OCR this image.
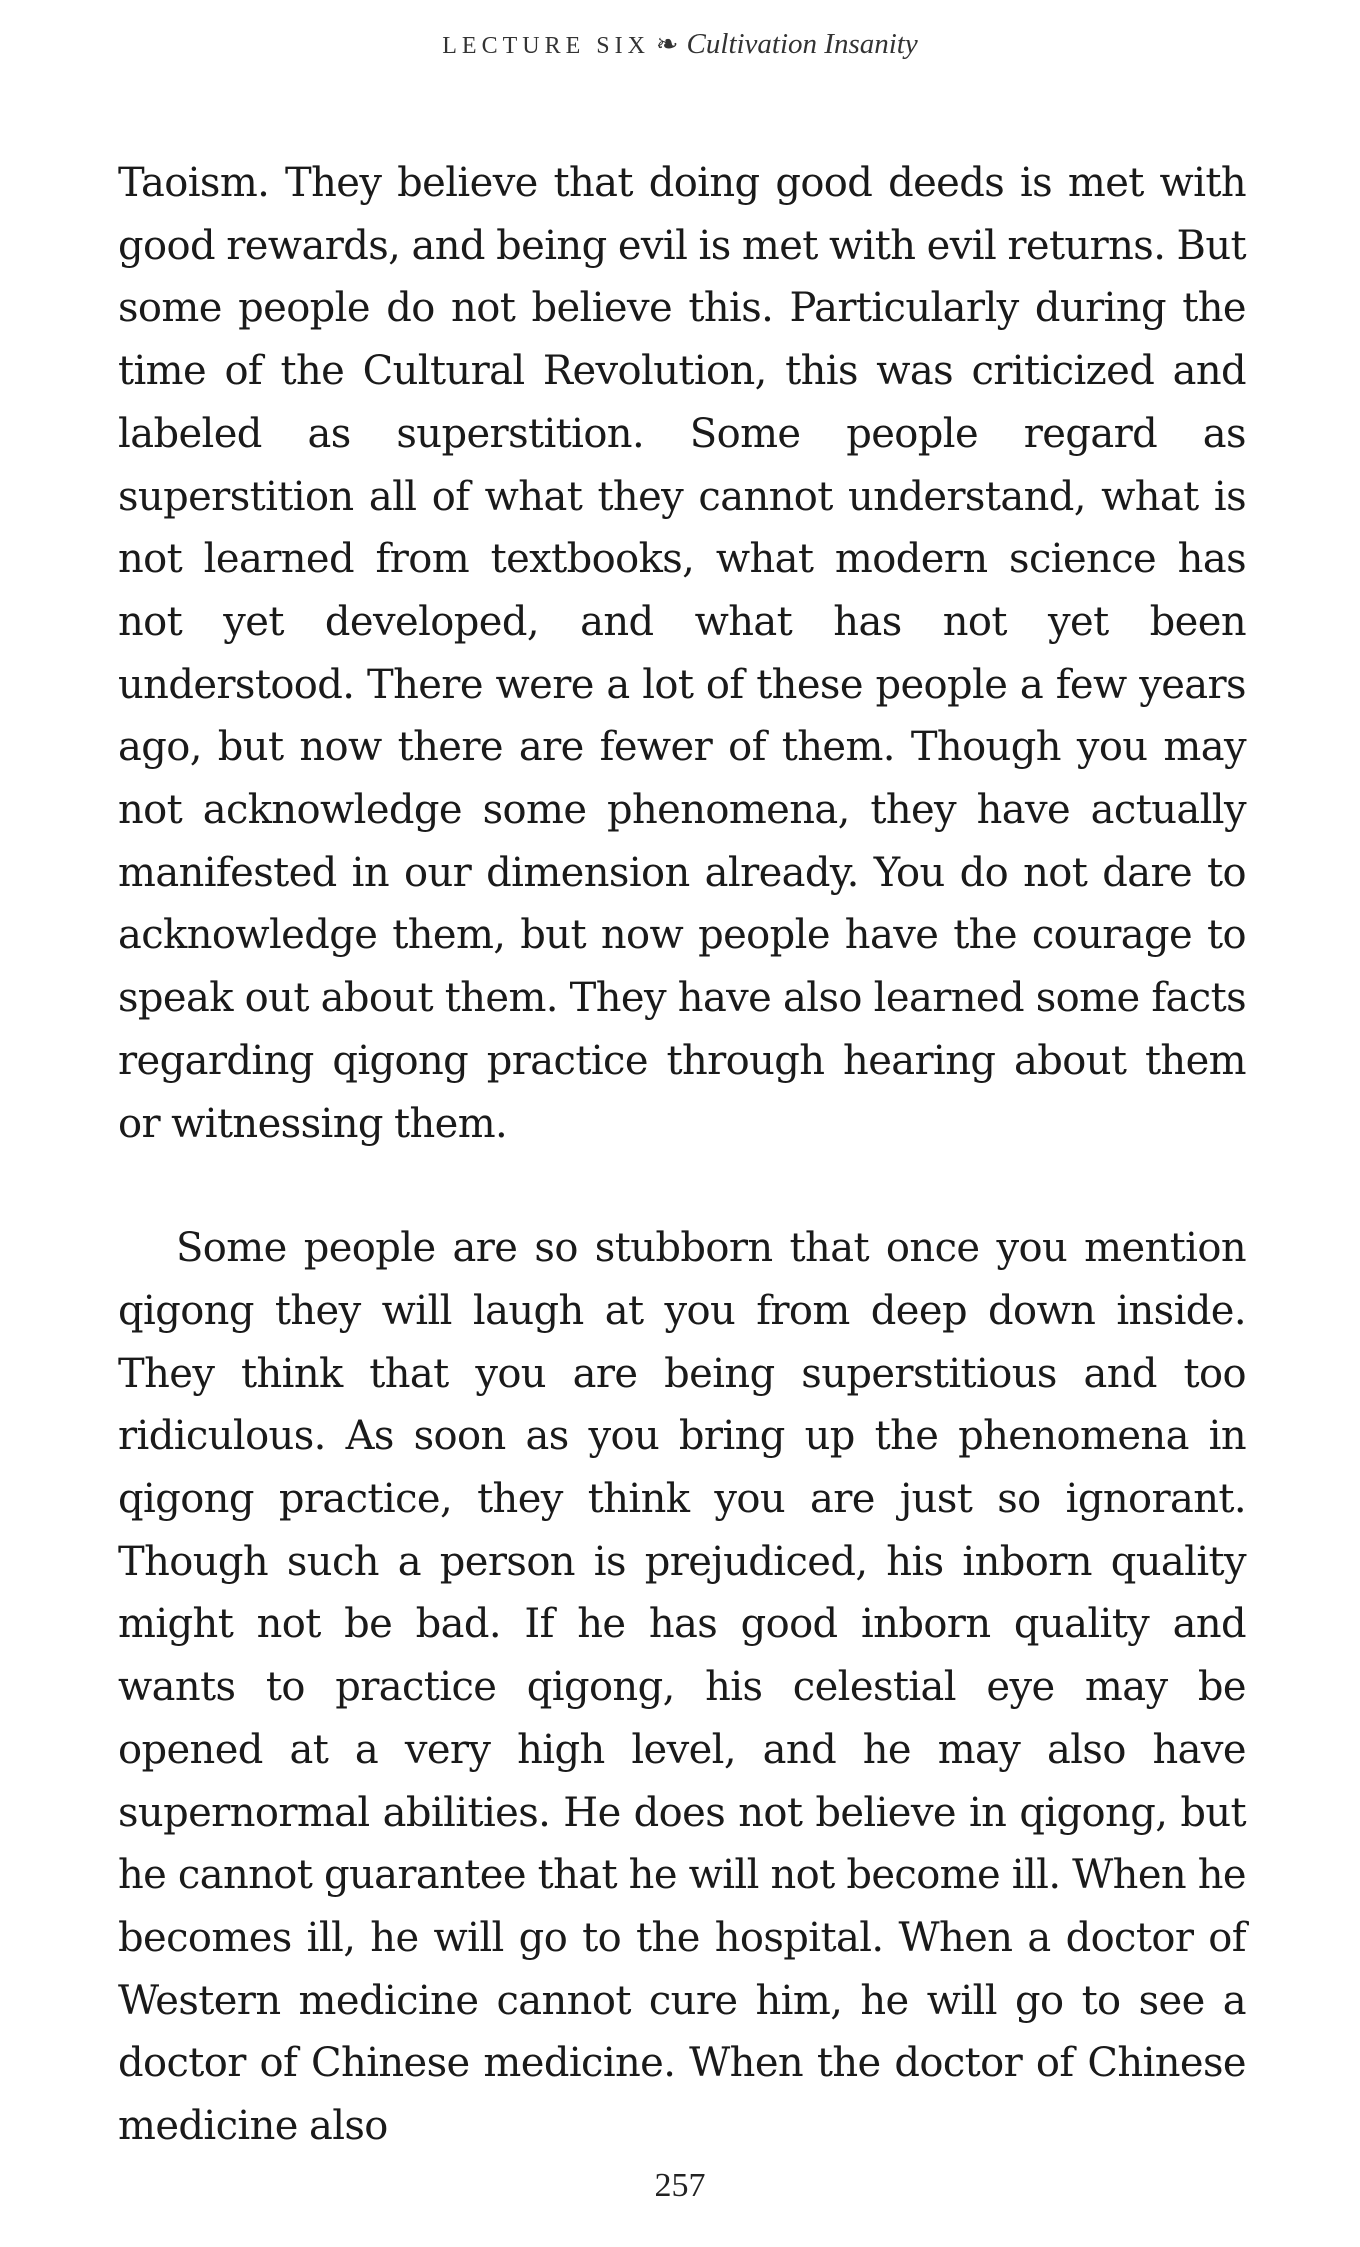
LECTURE SIX ❧ Cultivation Insanity

Taoism. They believe that doing good deeds is met with good rewards, and being evil is met with evil returns. But some people do not believe this. Particularly during the time of the Cultural Revolution, this was criticized and labeled as superstition. Some people regard as superstition all of what they cannot understand, what is not learned from textbooks, what modern science has not yet developed, and what has not yet been understood. There were a lot of these people a few years ago, but now there are fewer of them. Though you may not acknowledge some phenomena, they have actually manifested in our dimension already. You do not dare to acknowledge them, but now people have the courage to speak out about them. They have also learned some facts regarding qigong practice through hearing about them or witnessing them.

Some people are so stubborn that once you mention qigong they will laugh at you from deep down inside. They think that you are being superstitious and too ridiculous. As soon as you bring up the phenomena in qigong practice, they think you are just so ignorant. Though such a person is prejudiced, his inborn quality might not be bad. If he has good inborn quality and wants to practice qigong, his celestial eye may be opened at a very high level, and he may also have supernormal abilities. He does not believe in qigong, but he cannot guarantee that he will not become ill. When he becomes ill, he will go to the hospital. When a doctor of Western medicine cannot cure him, he will go to see a doctor of Chinese medicine. When the doctor of Chinese medicine also

257
